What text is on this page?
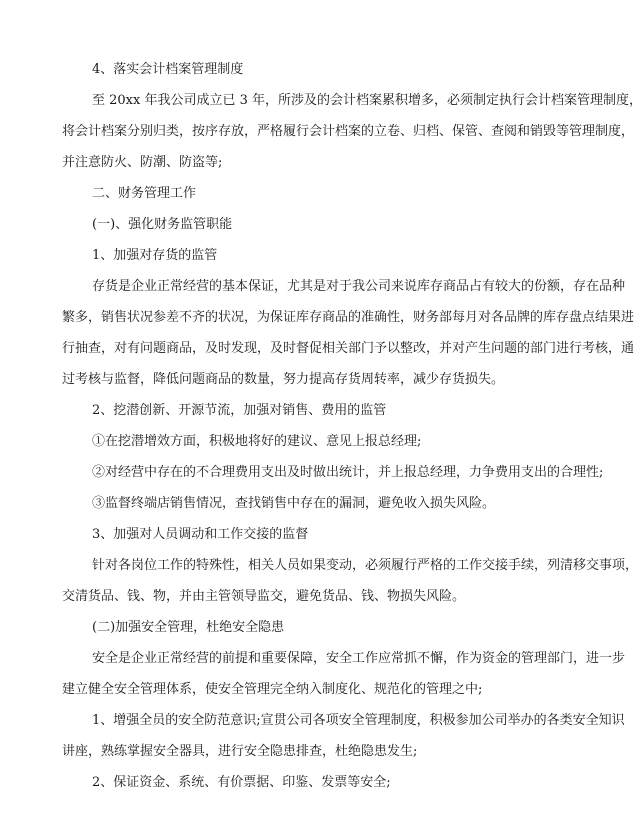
4、落实会计档案管理制度
至 20xx 年我公司成立已 3 年，所涉及的会计档案累积增多，必须制定执行会计档案管理制度，
将会计档案分别归类，按序存放，严格履行会计档案的立卷、归档、保管、查阅和销毁等管理制度，
并注意防火、防潮、防盗等;
二、财务管理工作
(一)、强化财务监管职能
1、加强对存货的监管
存货是企业正常经营的基本保证，尤其是对于我公司来说库存商品占有较大的份额，存在品种
繁多，销售状况参差不齐的状况，为保证库存商品的准确性，财务部每月对各品牌的库存盘点结果进
行抽查，对有问题商品，及时发现，及时督促相关部门予以整改，并对产生问题的部门进行考核，通
过考核与监督，降低问题商品的数量，努力提高存货周转率，减少存货损失。
2、挖潜创新、开源节流，加强对销售、费用的监管
①在挖潜增效方面，积极地将好的建议、意见上报总经理;
②对经营中存在的不合理费用支出及时做出统计，并上报总经理，力争费用支出的合理性;
③监督终端店销售情况，查找销售中存在的漏洞，避免收入损失风险。
3、加强对人员调动和工作交接的监督
针对各岗位工作的特殊性，相关人员如果变动，必须履行严格的工作交接手续，列清移交事项，
交清货品、钱、物，并由主管领导监交，避免货品、钱、物损失风险。
(二)加强安全管理，杜绝安全隐患
安全是企业正常经营的前提和重要保障，安全工作应常抓不懈，作为资金的管理部门，进一步
建立健全安全管理体系，使安全管理完全纳入制度化、规范化的管理之中;
1、增强全员的安全防范意识;宣贯公司各项安全管理制度，积极参加公司举办的各类安全知识
讲座，熟练掌握安全器具，进行安全隐患排查，杜绝隐患发生;
2、保证资金、系统、有价票据、印鉴、发票等安全;
